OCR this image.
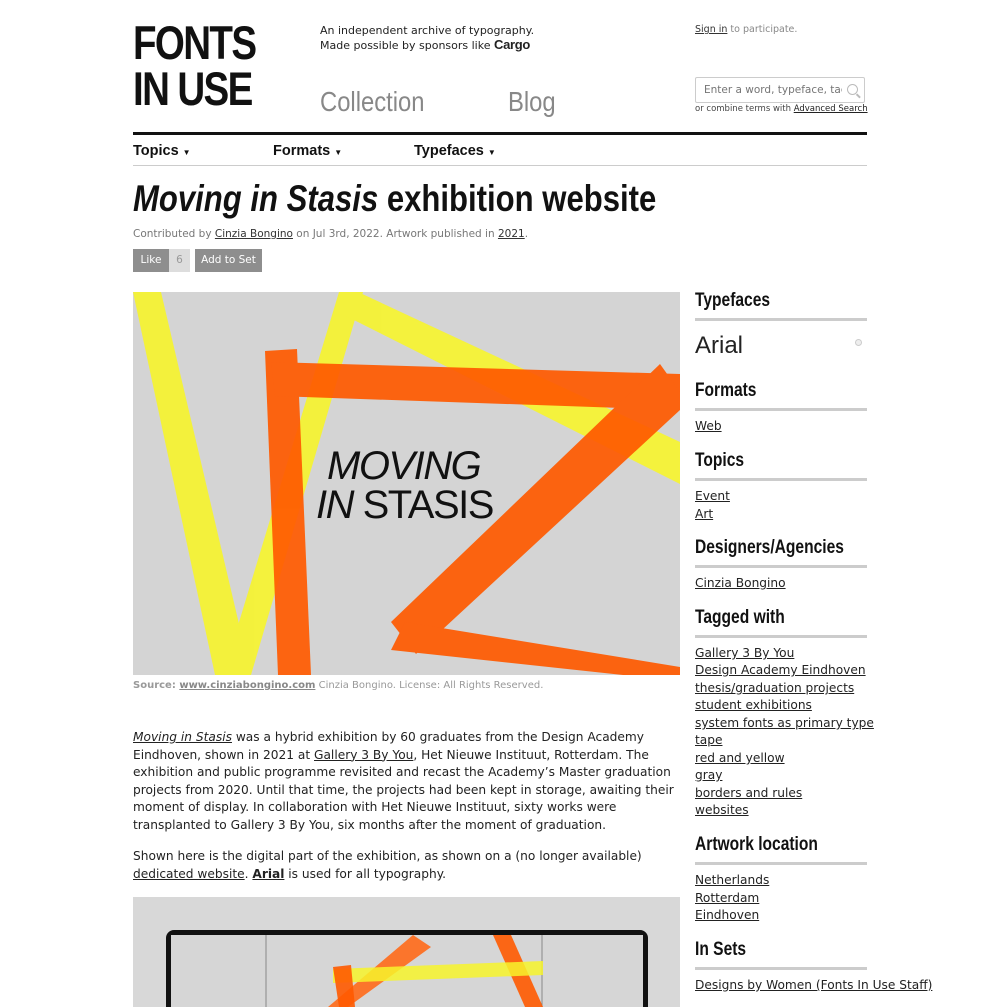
FONTS
IN USE
An independent archive of typography.
Made possible by sponsors like Cargo
Collection	Blog
Sign in to participate.
Enter a word, typeface, tag …
or combine terms with Advanced Search
Topics ▼	Formats ▼	Typefaces ▼
Moving in Stasis exhibition website
Contributed by Cinzia Bongino on Jul 3rd, 2022. Artwork published in 2021.
Like	6	Add to Set
MOVING
IN STASIS
Source: www.cinziabongino.com Cinzia Bongino. License: All Rights Reserved.
Moving in Stasis was a hybrid exhibition by 60 graduates from the Design Academy Eindhoven, shown in 2021 at Gallery 3 By You, Het Nieuwe Instituut, Rotterdam. The exhibition and public programme revisited and recast the Academy’s Master graduation projects from 2020. Until that time, the projects had been kept in storage, awaiting their moment of display. In collaboration with Het Nieuwe Instituut, sixty works were transplanted to Gallery 3 By You, six months after the moment of graduation.
Shown here is the digital part of the exhibition, as shown on a (no longer available) dedicated website. Arial is used for all typography.
Typefaces
Arial
Formats
Web
Topics
Event
Art
Designers/Agencies
Cinzia Bongino
Tagged with
Gallery 3 By You
Design Academy Eindhoven
thesis/graduation projects
student exhibitions
system fonts as primary type
tape
red and yellow
gray
borders and rules
websites
Artwork location
Netherlands
Rotterdam
Eindhoven
In Sets
Designs by Women (Fonts In Use Staff)
